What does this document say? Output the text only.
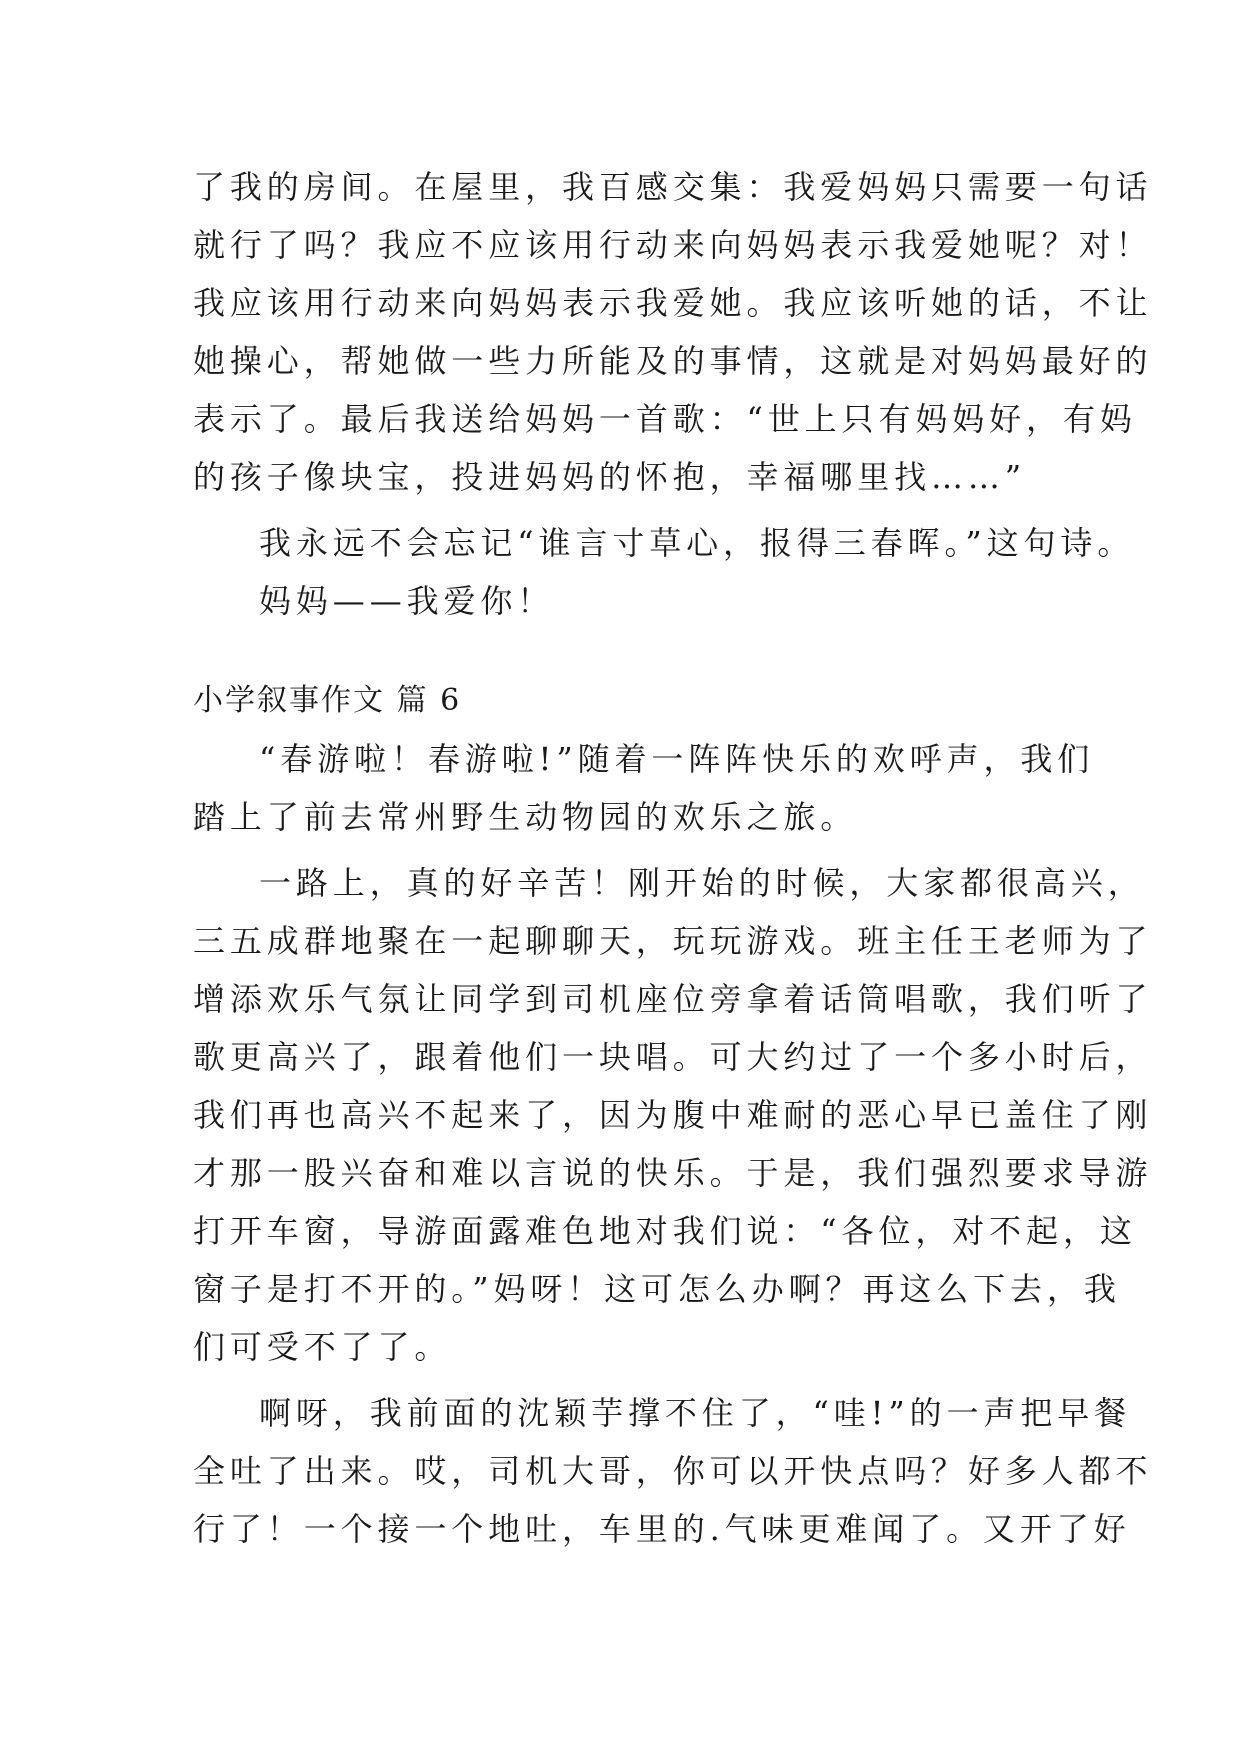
了我的房间。在屋里，我百感交集：我爱妈妈只需要一句话
就行了吗？我应不应该用行动来向妈妈表示我爱她呢？对！
我应该用行动来向妈妈表示我爱她。我应该听她的话，不让
她操心，帮她做一些力所能及的事情，这就是对妈妈最好的
表示了。最后我送给妈妈一首歌：“世上只有妈妈好，有妈
的孩子像块宝，投进妈妈的怀抱，幸福哪里找……”
我永远不会忘记“谁言寸草心，报得三春晖。”这句诗。
妈妈——我爱你！
小学叙事作文 篇 6
“春游啦！春游啦!”随着一阵阵快乐的欢呼声，我们
踏上了前去常州野生动物园的欢乐之旅。
一路上，真的好辛苦！刚开始的时候，大家都很高兴，
三五成群地聚在一起聊聊天，玩玩游戏。班主任王老师为了
增添欢乐气氛让同学到司机座位旁拿着话筒唱歌，我们听了
歌更高兴了，跟着他们一块唱。可大约过了一个多小时后，
我们再也高兴不起来了，因为腹中难耐的恶心早已盖住了刚
才那一股兴奋和难以言说的快乐。于是，我们强烈要求导游
打开车窗，导游面露难色地对我们说：“各位，对不起，这
窗子是打不开的。”妈呀！这可怎么办啊？再这么下去，我
们可受不了了。
啊呀，我前面的沈颖芋撑不住了，“哇!”的一声把早餐
全吐了出来。哎，司机大哥，你可以开快点吗？好多人都不
行了！一个接一个地吐，车里的.气味更难闻了。又开了好
